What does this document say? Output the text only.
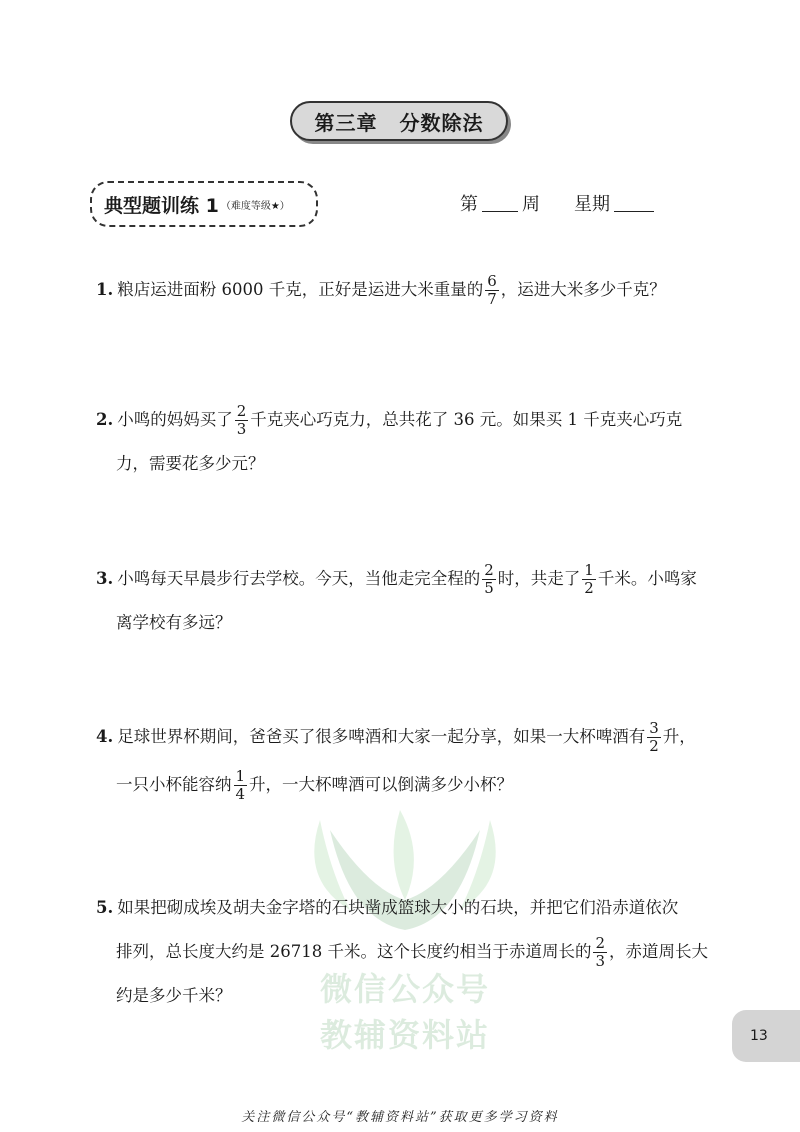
第三章 分数除法
典型题训练 1 （难度等级★）	第 周 星期
1. 粮店运进面粉 6000 千克，正好是运进大米重量的 $\frac{6}{7}$ ，运进大米多少千克？
2. 小鸣的妈妈买了 $\frac{2}{3}$ 千克夹心巧克力，总共花了 36 元。如果买 1 千克夹心巧克
力，需要花多少元？
3. 小鸣每天早晨步行去学校。今天，当他走完全程的 $\frac{2}{5}$ 时，共走了 $\frac{1}{2}$ 千米。小鸣家
离学校有多远？
4. 足球世界杯期间，爸爸买了很多啤酒和大家一起分享，如果一大杯啤酒有 $\frac{3}{2}$ 升，
一只小杯能容纳 $\frac{1}{4}$ 升，一大杯啤酒可以倒满多少小杯？
微信公众号
教辅资料站
5. 如果把砌成埃及胡夫金字塔的石块凿成篮球大小的石块，并把它们沿赤道依次
排列，总长度大约是 26718 千米。这个长度约相当于赤道周长的 $\frac{2}{3}$ ，赤道周长大
约是多少千米？
13
关注微信公众号“教辅资料站”获取更多学习资料
